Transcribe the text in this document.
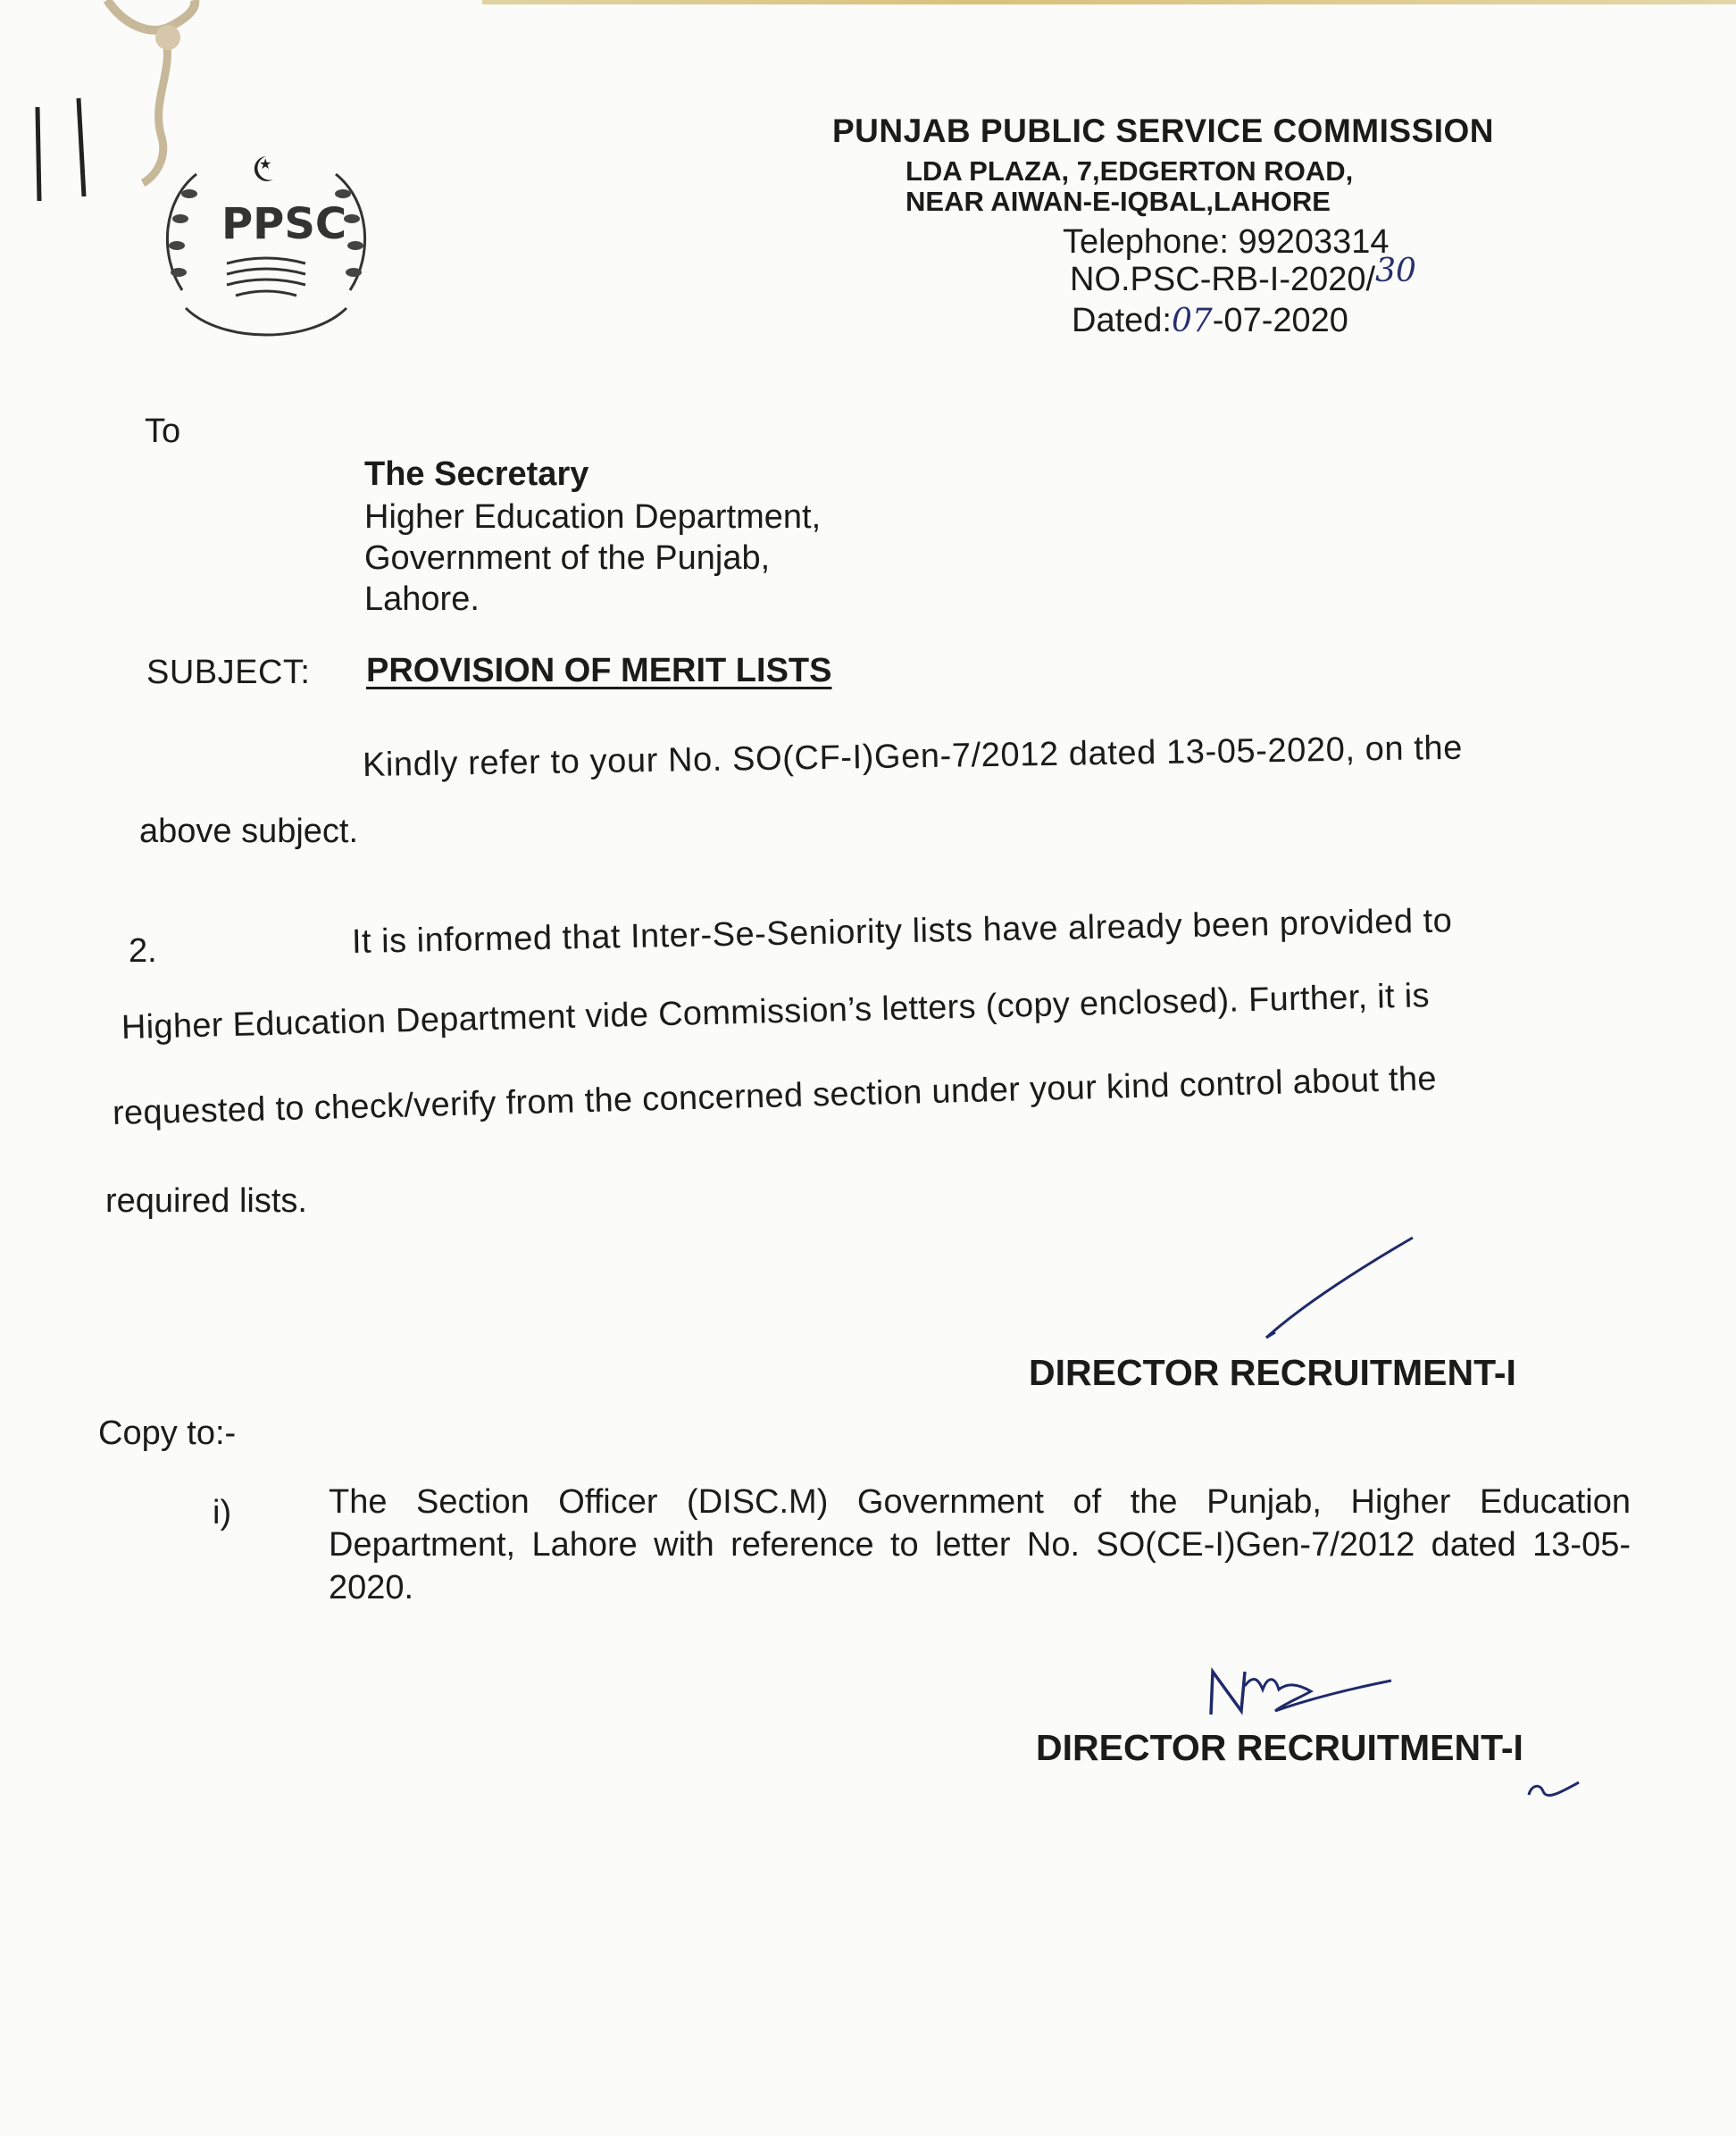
★
PPSC
PUNJAB PUBLIC SERVICE COMMISSION
LDA PLAZA, 7,EDGERTON ROAD,
NEAR AIWAN-E-IQBAL,LAHORE
Telephone: 99203314
NO.PSC-RB-I-2020/30
Dated:07-07-2020
To
The Secretary
Higher Education Department,
Government of the Punjab,
Lahore.
SUBJECT: PROVISION OF MERIT LISTS
Kindly refer to your No. SO(CF-I)Gen-7/2012 dated 13-05-2020, on the
above subject.
2.	It is informed that Inter-Se-Seniority lists have already been provided to
Higher Education Department vide Commission’s letters (copy enclosed). Further, it is
requested to check/verify from the concerned section under your kind control about the
required lists.
DIRECTOR RECRUITMENT-I
Copy to:-
i)	The Section Officer (DISC.M) Government of the Punjab, Higher Education Department, Lahore with reference to letter No. SO(CE-I)Gen-7/2012 dated 13-05-2020.
DIRECTOR RECRUITMENT-I
